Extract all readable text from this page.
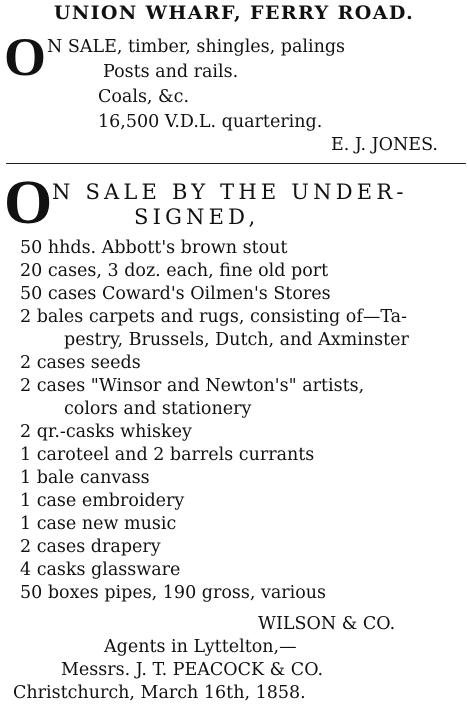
UNION WHARF, FERRY ROAD.
O N SALE, timber, shingles, palings
Posts and rails.
Coals, &c.
16,500 V.D.L. quartering.
E. J. JONES.
O N SALE BY THE UNDER-
SIGNED,
50 hhds. Abbott's brown stout
20 cases, 3 doz. each, fine old port
50 cases Coward's Oilmen's Stores
2 bales carpets and rugs, consisting of—Ta-
pestry, Brussels, Dutch, and Axminster
2 cases seeds
2 cases "Winsor and Newton's" artists,
colors and stationery
2 qr.-casks whiskey
1 caroteel and 2 barrels currants
1 bale canvass
1 case embroidery
1 case new music
2 cases drapery
4 casks glassware
50 boxes pipes, 190 gross, various
WILSON & CO.
Agents in Lyttelton,—
Messrs. J. T. PEACOCK & CO.
Christchurch, March 16th, 1858.
